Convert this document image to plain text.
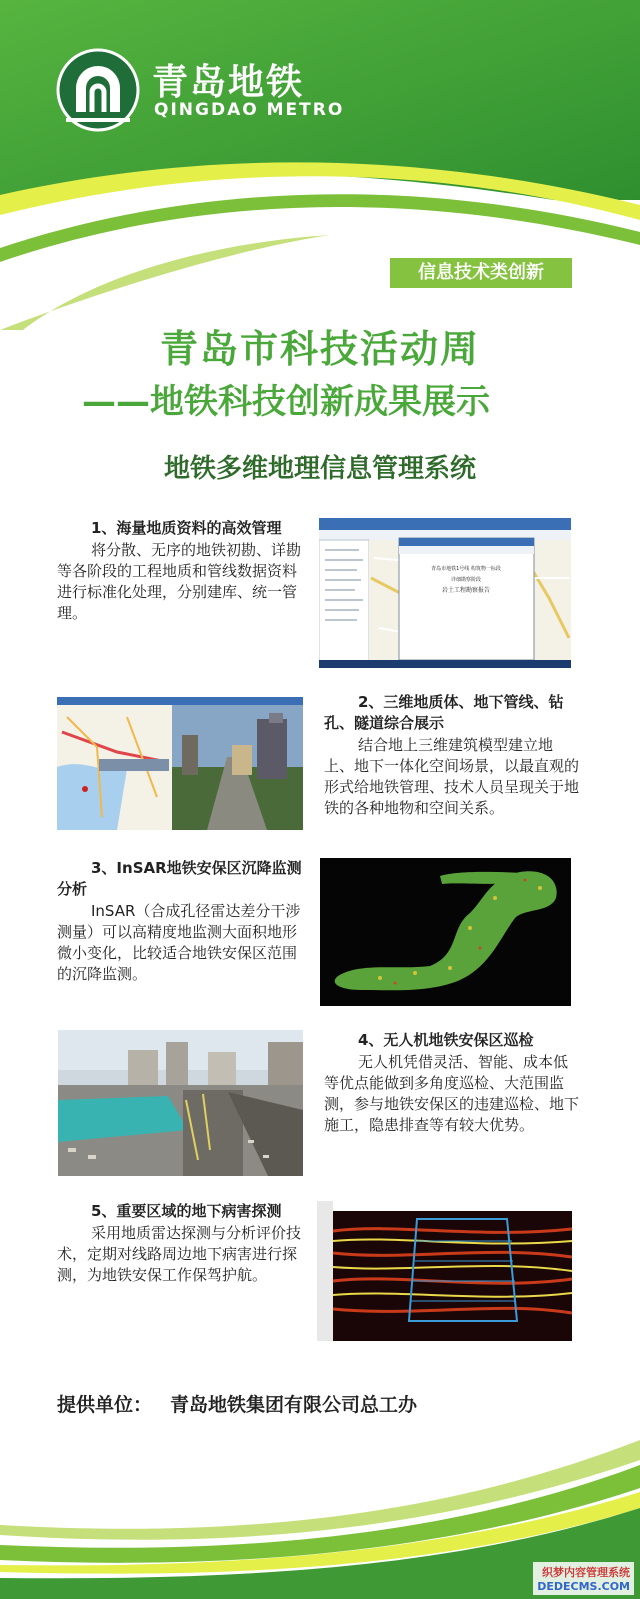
青岛地铁
QINGDAO METRO
信息技术类创新
青岛市科技活动周
——地铁科技创新成果展示
地铁多维地理信息管理系统
1、海量地质资料的高效管理
将分散、无序的地铁初勘、详勘等各阶段的工程地质和管线数据资料进行标准化处理，分别建库、统一管理。
青岛市地铁1号线 构筑物一标段
详细勘察阶段
岩土工程勘察报告
2、三维地质体、地下管线、钻孔、隧道综合展示
结合地上三维建筑模型建立地上、地下一体化空间场景，以最直观的形式给地铁管理、技术人员呈现关于地铁的各种地物和空间关系。
3、InSAR地铁安保区沉降监测分析
InSAR（合成孔径雷达差分干涉测量）可以高精度地监测大面积地形微小变化，比较适合地铁安保区范围的沉降监测。
4、无人机地铁安保区巡检
无人机凭借灵活、智能、成本低等优点能做到多角度巡检、大范围监测，参与地铁安保区的违建巡检、地下施工，隐患排查等有较大优势。
5、重要区域的地下病害探测
采用地质雷达探测与分析评价技术，定期对线路周边地下病害进行探测，为地铁安保工作保驾护航。
提供单位： 青岛地铁集团有限公司总工办
织梦内容管理系统
DEDECMS.COM
